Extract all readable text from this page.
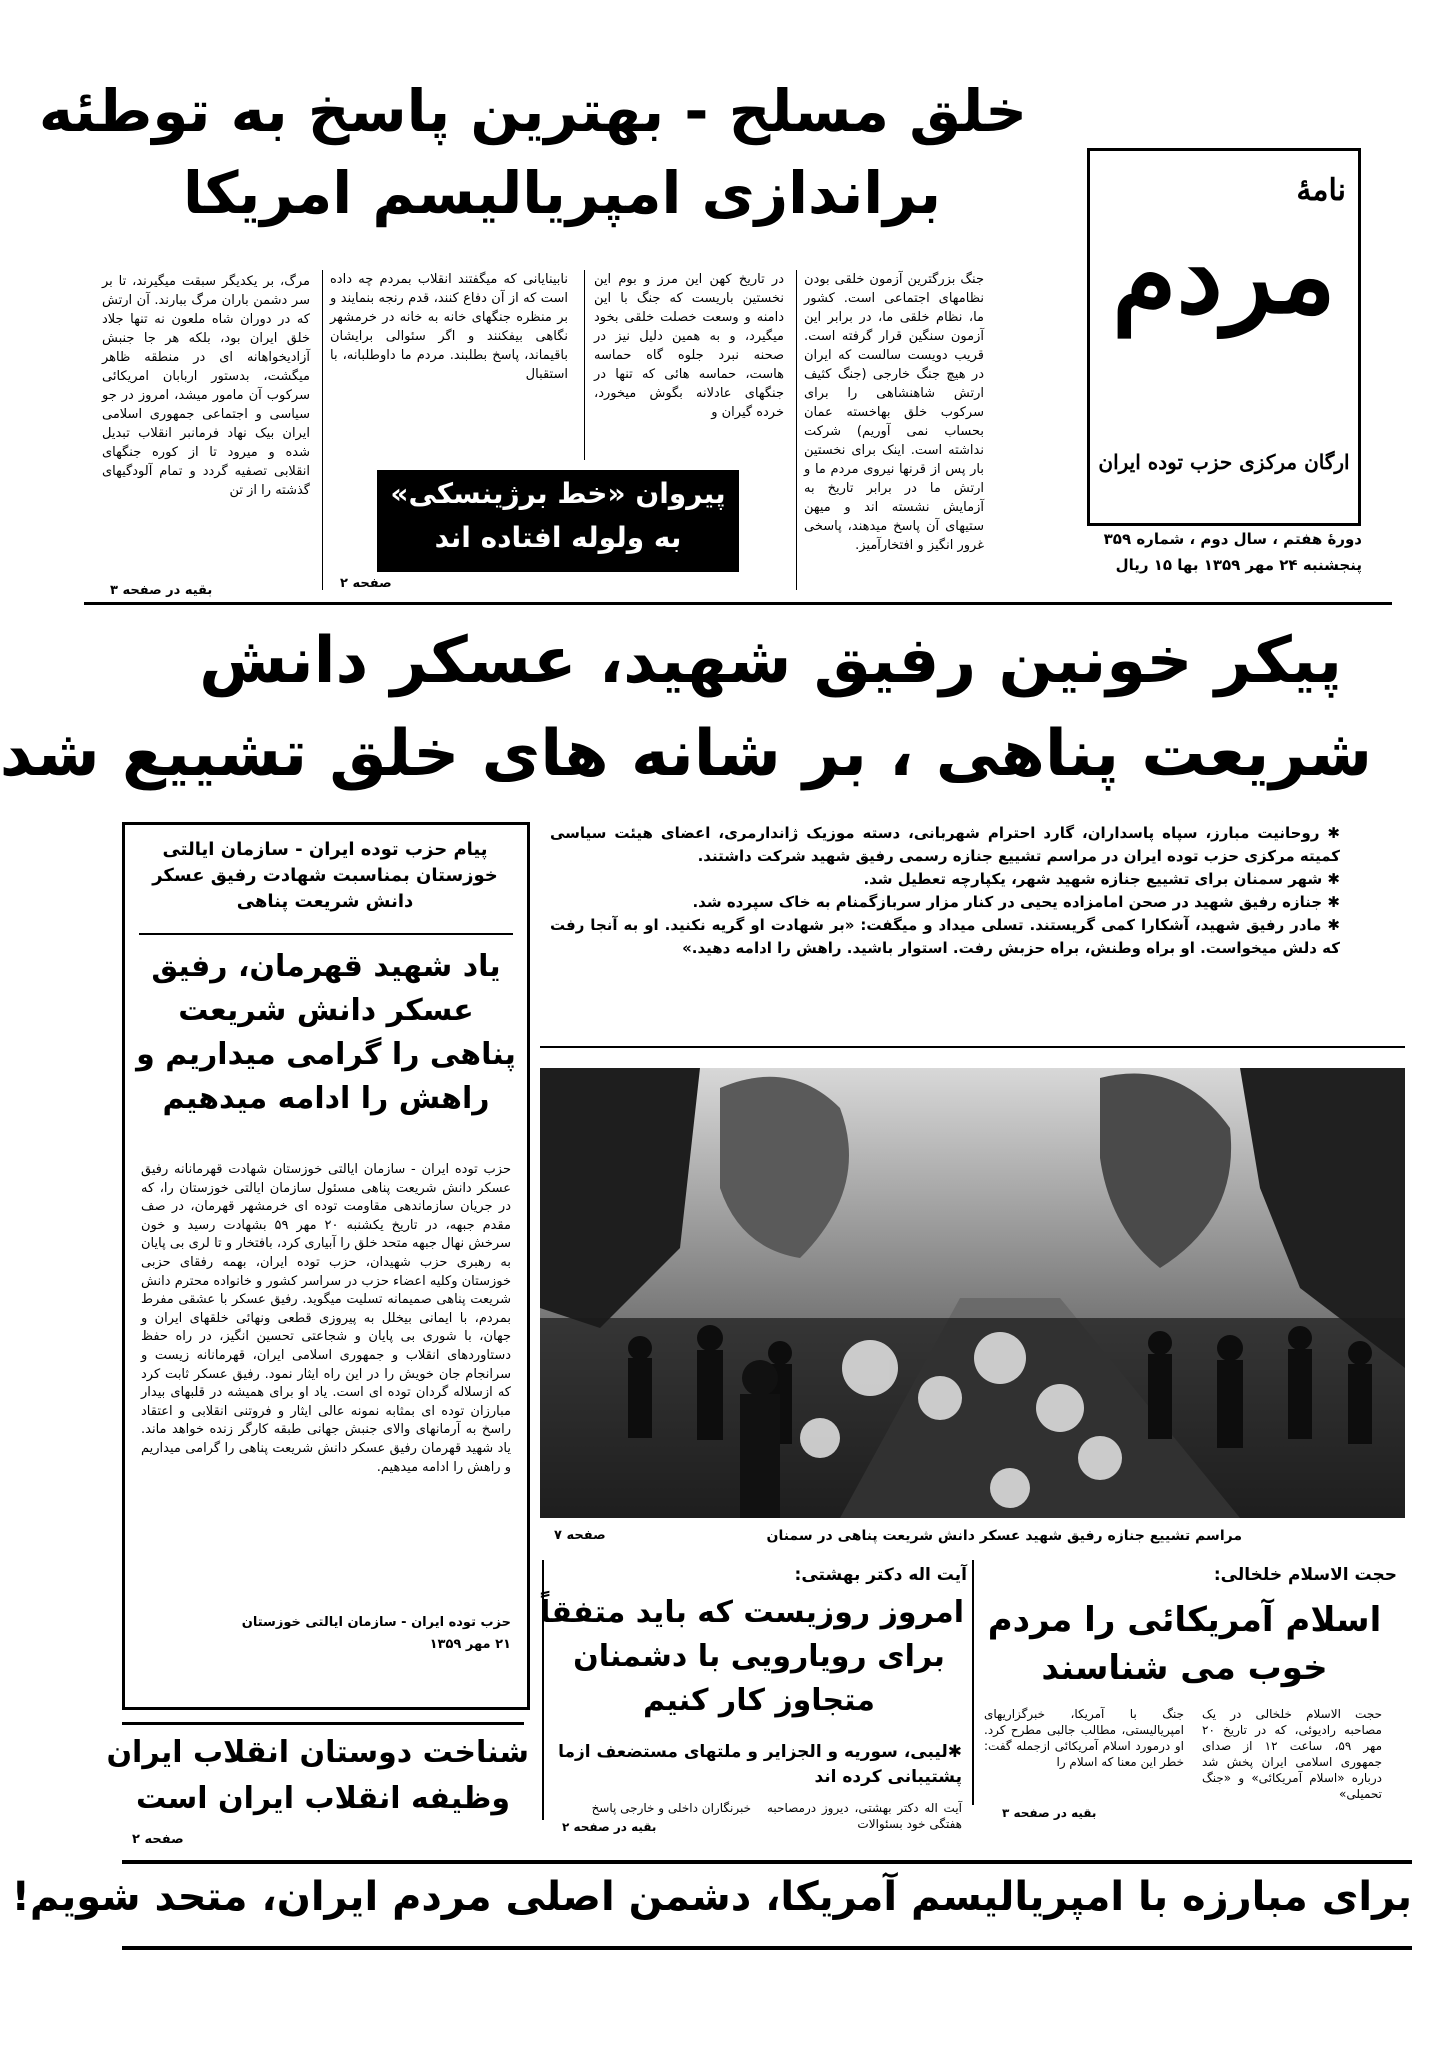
خلق مسلح - بهترین پاسخ به توطئه
براندازی امپریالیسم امریکا	نامهٔ
مردم
ارگان مرکزی حزب توده ایران
دورهٔ هفتم ، سال دوم ، شماره ۳۵۹
پنجشنبه ۲۴ مهر ۱۳۵۹ بها ۱۵ ریال
جنگ بزرگترین آزمون خلقی بودن نظامهای اجتماعی است. کشور ما، نظام خلقی ما، در برابر این آزمون سنگین قرار گرفته است. قریب دویست سالست که ایران در هیچ جنگ خارجی (جنگ کثیف ارتش شاهنشاهی را برای سرکوب خلق بهاخسته عمان بحساب نمی آوریم) شرکت نداشته است. اینک برای نخستین بار پس از قرنها نیروی مردم ما و ارتش ما در برابر تاریخ به آزمایش نشسته اند و میهن ستیهای آن پاسخ میدهند، پاسخی غرور انگیز و افتخارآمیز.
در تاریخ کهن این مرز و بوم این نخستین باریست که جنگ با این دامنه و وسعت خصلت خلقی بخود میگیرد، و به همین دلیل نیز در صحنه نبرد جلوه گاه حماسه هاست، حماسه هائی که تنها در جنگهای عادلانه بگوش میخورد، خرده گیران و
نابینایانی که میگفتند انقلاب بمردم چه داده است که از آن دفاع کنند، قدم رنجه بنمایند و بر منظره جنگهای خانه به خانه در خرمشهر نگاهی بیفکنند و اگر سئوالی برایشان باقیماند، پاسخ بطلبند. مردم ما داوطلبانه، با استقبال
مرگ، بر یکدیگر سبقت میگیرند، تا بر سر دشمن باران مرگ ببارند. آن ارتش که در دوران شاه ملعون نه تنها جلاد خلق ایران بود، بلکه هر جا جنبش آزادیخواهانه ای در منطقه ظاهر میگشت، بدستور اربابان امریکائی سرکوب آن مامور میشد، امروز در جو سیاسی و اجتماعی جمهوری اسلامی ایران بیک نهاد فرمانبر انقلاب تبدیل شده و میرود تا از کوره جنگهای انقلابی تصفیه گردد و تمام آلودگیهای گذشته را از تن
صفحه ۲
بقیه در صفحه ۳
پیروان «خط برژینسکی»
به ولوله افتاده اند
پیکر خونین رفیق شهید، عسکر دانش
شریعت پناهی ، بر شانه های خلق تشییع شد
✱ روحانیت مبارز، سپاه پاسداران، گارد احترام شهربانی، دسته موزیک ژاندارمری، اعضای هیئت سیاسی کمیته مرکزی حزب توده ایران در مراسم تشییع جنازه رسمی رفیق شهید شرکت داشتند.
✱ شهر سمنان برای تشییع جنازه شهید شهر، یکپارچه تعطیل شد.
✱ جنازه رفیق شهید در صحن امامزاده یحیی در کنار مزار سربازگمنام به خاک سپرده شد.
✱ مادر رفیق شهید، آشکارا کمی گریستند. تسلی میداد و میگفت: «بر شهادت او گریه نکنید. او به آنجا رفت که دلش میخواست. او براه وطنش، براه حزبش رفت. استوار باشید. راهش را ادامه دهید.»
مراسم تشییع جنازه رفیق شهید عسکر دانش شریعت پناهی در سمنان
صفحه ۷
پیام حزب توده ایران - سازمان ایالتی خوزستان بمناسبت شهادت رفیق عسکر دانش شریعت پناهی
یاد شهید قهرمان، رفیق عسکر دانش شریعت پناهی را گرامی میداریم و راهش را ادامه میدهیم
حزب توده ایران - سازمان ایالتی خوزستان شهادت قهرمانانه رفیق عسکر دانش شریعت پناهی مسئول سازمان ایالتی خوزستان را، که در جریان سازماندهی مقاومت توده ای خرمشهر قهرمان، در صف مقدم جبهه، در تاریخ یکشنبه ۲۰ مهر ۵۹ بشهادت رسید و خون سرخش نهال جبهه متحد خلق را آبیاری کرد، بافتخار و تا لری بی پایان به رهبری حزب شهیدان، حزب توده ایران، بهمه رفقای حزبی خوزستان وکلیه اعضاء حزب در سراسر کشور و خانواده محترم دانش شریعت پناهی صمیمانه تسلیت میگوید. رفیق عسکر با عشقی مفرط بمردم، با ایمانی بیخلل به پیروزی قطعی ونهائی خلقهای ایران و جهان، با شوری بی پایان و شجاعتی تحسین انگیز، در راه حفظ دستاوردهای انقلاب و جمهوری اسلامی ایران، قهرمانانه زیست و سرانجام جان خویش را در این راه ایثار نمود. رفیق عسکر ثابت کرد که ازسلاله گردان توده ای است. یاد او برای همیشه در قلبهای بیدار مبارزان توده ای بمثابه نمونه عالی ایثار و فروتنی انقلابی و اعتقاد راسخ به آرمانهای والای جنبش جهانی طبقه کارگر زنده خواهد ماند. یاد شهید قهرمان رفیق عسکر دانش شریعت پناهی را گرامی میداریم و راهش را ادامه میدهیم.
حزب توده ایران - سازمان ایالتی خوزستان
۲۱ مهر ۱۳۵۹
حجت الاسلام خلخالی:
اسلام آمریکائی را مردم خوب می شناسند
حجت الاسلام خلخالی در یک مصاحبه رادیوئی، که در تاریخ ۲۰ مهر ۵۹، ساعت ۱۲ از صدای جمهوری اسلامی ایران پخش شد درباره «اسلام آمریکائی» و «جنگ تحمیلی»
جنگ با آمریکا، خبرگزاریهای امپریالیستی، مطالب جالبی مطرح کرد. او درمورد اسلام آمریکائی ازجمله گفت: خطر این معنا که اسلام را
بقیه در صفحه ۳
آیت اله دکتر بهشتی:
امروز روزیست که باید متفقاً
برای رویارویی با دشمنان
متجاوز کار کنیم
✱لیبی، سوریه و الجزایر و ملتهای مستضعف ازما پشتیبانی کرده اند
آیت اله دکتر بهشتی، دیروز درمصاحبه هفتگی خود بسئوالات
خبرنگاران داخلی و خارجی پاسخ
بقیه در صفحه ۲
شناخت دوستان انقلاب ایران
وظیفه انقلاب ایران است
صفحه ۲
برای مبارزه با امپریالیسم آمریکا، دشمن اصلی مردم ایران، متحد شویم!
